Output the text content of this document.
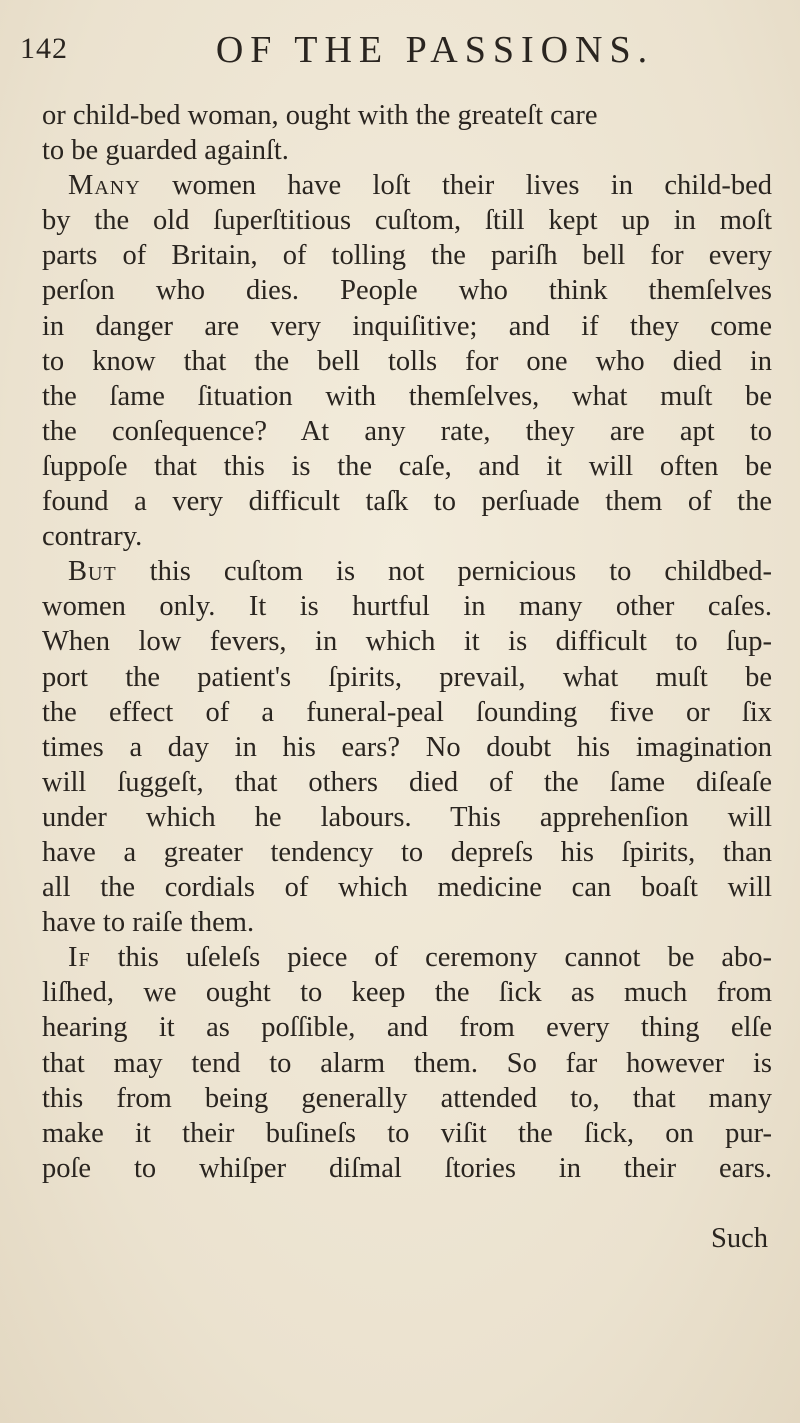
142	OF THE PASSIONS.
or child-bed woman, ought with the greateſt care
to be guarded againſt.
Many women have loſt their lives in child-bed
by the old ſuperſtitious cuſtom, ſtill kept up in moſt
parts of Britain, of tolling the pariſh bell for every
perſon who dies. People who think themſelves
in danger are very inquiſitive; and if they come
to know that the bell tolls for one who died in
the ſame ſituation with themſelves, what muſt be
the conſequence? At any rate, they are apt to
ſuppoſe that this is the caſe, and it will often be
found a very difficult taſk to perſuade them of the
contrary.
But this cuſtom is not pernicious to childbed-
women only. It is hurtful in many other caſes.
When low fevers, in which it is difficult to ſup-
port the patient's ſpirits, prevail, what muſt be
the effect of a funeral-peal ſounding five or ſix
times a day in his ears? No doubt his imagination
will ſuggeſt, that others died of the ſame diſeaſe
under which he labours. This apprehenſion will
have a greater tendency to depreſs his ſpirits, than
all the cordials of which medicine can boaſt will
have to raiſe them.
If this uſeleſs piece of ceremony cannot be abo-
liſhed, we ought to keep the ſick as much from
hearing it as poſſible, and from every thing elſe
that may tend to alarm them. So far however is
this from being generally attended to, that many
make it their buſineſs to viſit the ſick, on pur-
poſe to whiſper diſmal ſtories in their ears.
Such
